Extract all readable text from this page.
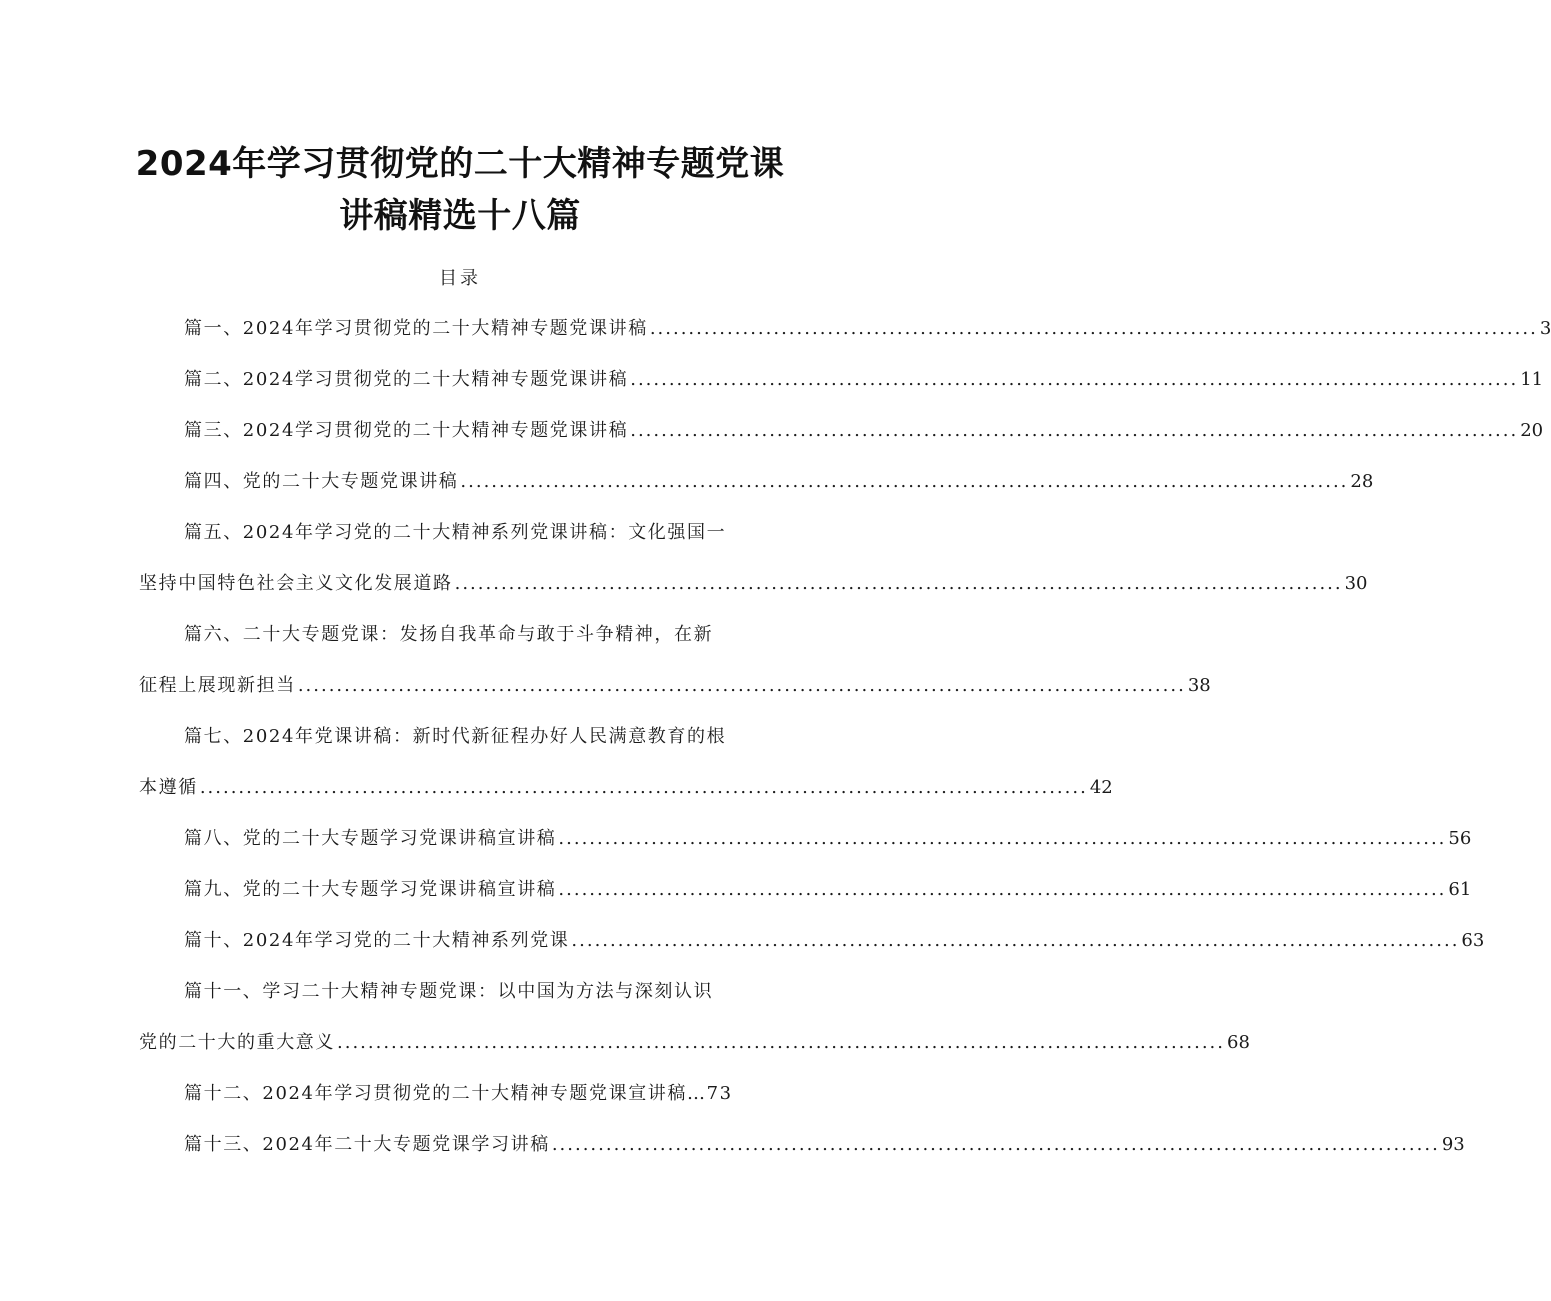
2024年学习贯彻党的二十大精神专题党课
讲稿精选十八篇
目录
篇一、2024年学习贯彻党的二十大精神专题党课讲稿 ................................................................................................................... 3
篇二、2024学习贯彻党的二十大精神专题党课讲稿 ................................................................................................................... 11
篇三、2024学习贯彻党的二十大精神专题党课讲稿 ................................................................................................................... 20
篇四、党的二十大专题党课讲稿 ................................................................................................................... 28
篇五、2024年学习党的二十大精神系列党课讲稿：文化强国一
坚持中国特色社会主义文化发展道路 ................................................................................................................... 30
篇六、二十大专题党课：发扬自我革命与敢于斗争精神，在新
征程上展现新担当 ................................................................................................................... 38
篇七、2024年党课讲稿：新时代新征程办好人民满意教育的根
本遵循 ................................................................................................................... 42
篇八、党的二十大专题学习党课讲稿宣讲稿 ................................................................................................................... 56
篇九、党的二十大专题学习党课讲稿宣讲稿 ................................................................................................................... 61
篇十、2024年学习党的二十大精神系列党课 ................................................................................................................... 63
篇十一、学习二十大精神专题党课：以中国为方法与深刻认识
党的二十大的重大意义 ................................................................................................................... 68
篇十二、2024年学习贯彻党的二十大精神专题党课宣讲稿…73
篇十三、2024年二十大专题党课学习讲稿 ................................................................................................................... 93
